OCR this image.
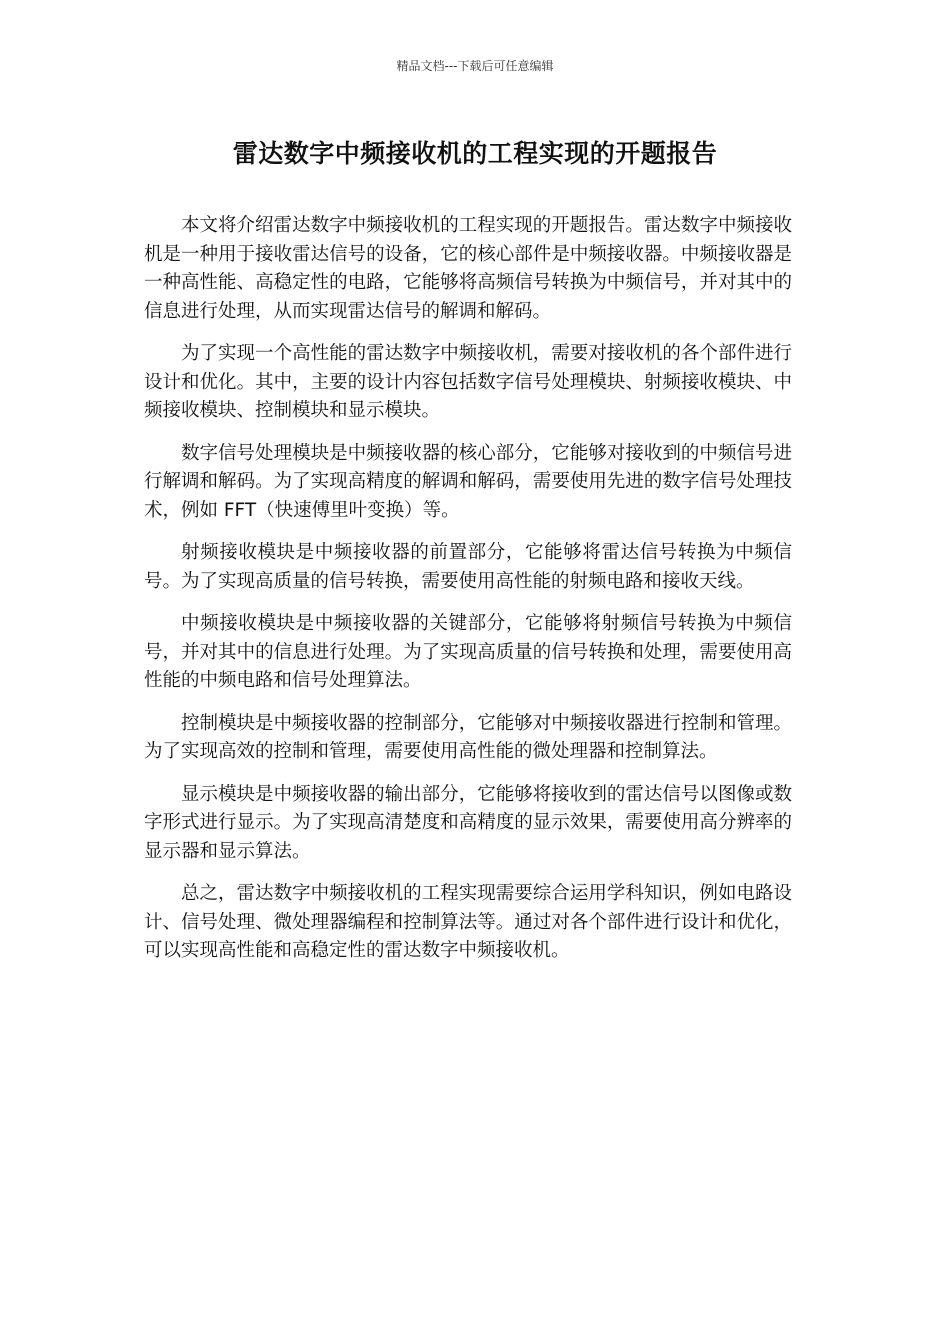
精品文档---下载后可任意编辑
雷达数字中频接收机的工程实现的开题报告

本文将介绍雷达数字中频接收机的工程实现的开题报告。雷达数字中频接收机是一种用于接收雷达信号的设备，它的核心部件是中频接收器。中频接收器是一种高性能、高稳定性的电路，它能够将高频信号转换为中频信号，并对其中的信息进行处理，从而实现雷达信号的解调和解码。

为了实现一个高性能的雷达数字中频接收机，需要对接收机的各个部件进行设计和优化。其中，主要的设计内容包括数字信号处理模块、射频接收模块、中频接收模块、控制模块和显示模块。

数字信号处理模块是中频接收器的核心部分，它能够对接收到的中频信号进行解调和解码。为了实现高精度的解调和解码，需要使用先进的数字信号处理技术，例如 FFT（快速傅里叶变换）等。

射频接收模块是中频接收器的前置部分，它能够将雷达信号转换为中频信号。为了实现高质量的信号转换，需要使用高性能的射频电路和接收天线。

中频接收模块是中频接收器的关键部分，它能够将射频信号转换为中频信号，并对其中的信息进行处理。为了实现高质量的信号转换和处理，需要使用高性能的中频电路和信号处理算法。

控制模块是中频接收器的控制部分，它能够对中频接收器进行控制和管理。为了实现高效的控制和管理，需要使用高性能的微处理器和控制算法。

显示模块是中频接收器的输出部分，它能够将接收到的雷达信号以图像或数字形式进行显示。为了实现高清楚度和高精度的显示效果，需要使用高分辨率的显示器和显示算法。

总之，雷达数字中频接收机的工程实现需要综合运用学科知识，例如电路设计、信号处理、微处理器编程和控制算法等。通过对各个部件进行设计和优化，可以实现高性能和高稳定性的雷达数字中频接收机。
